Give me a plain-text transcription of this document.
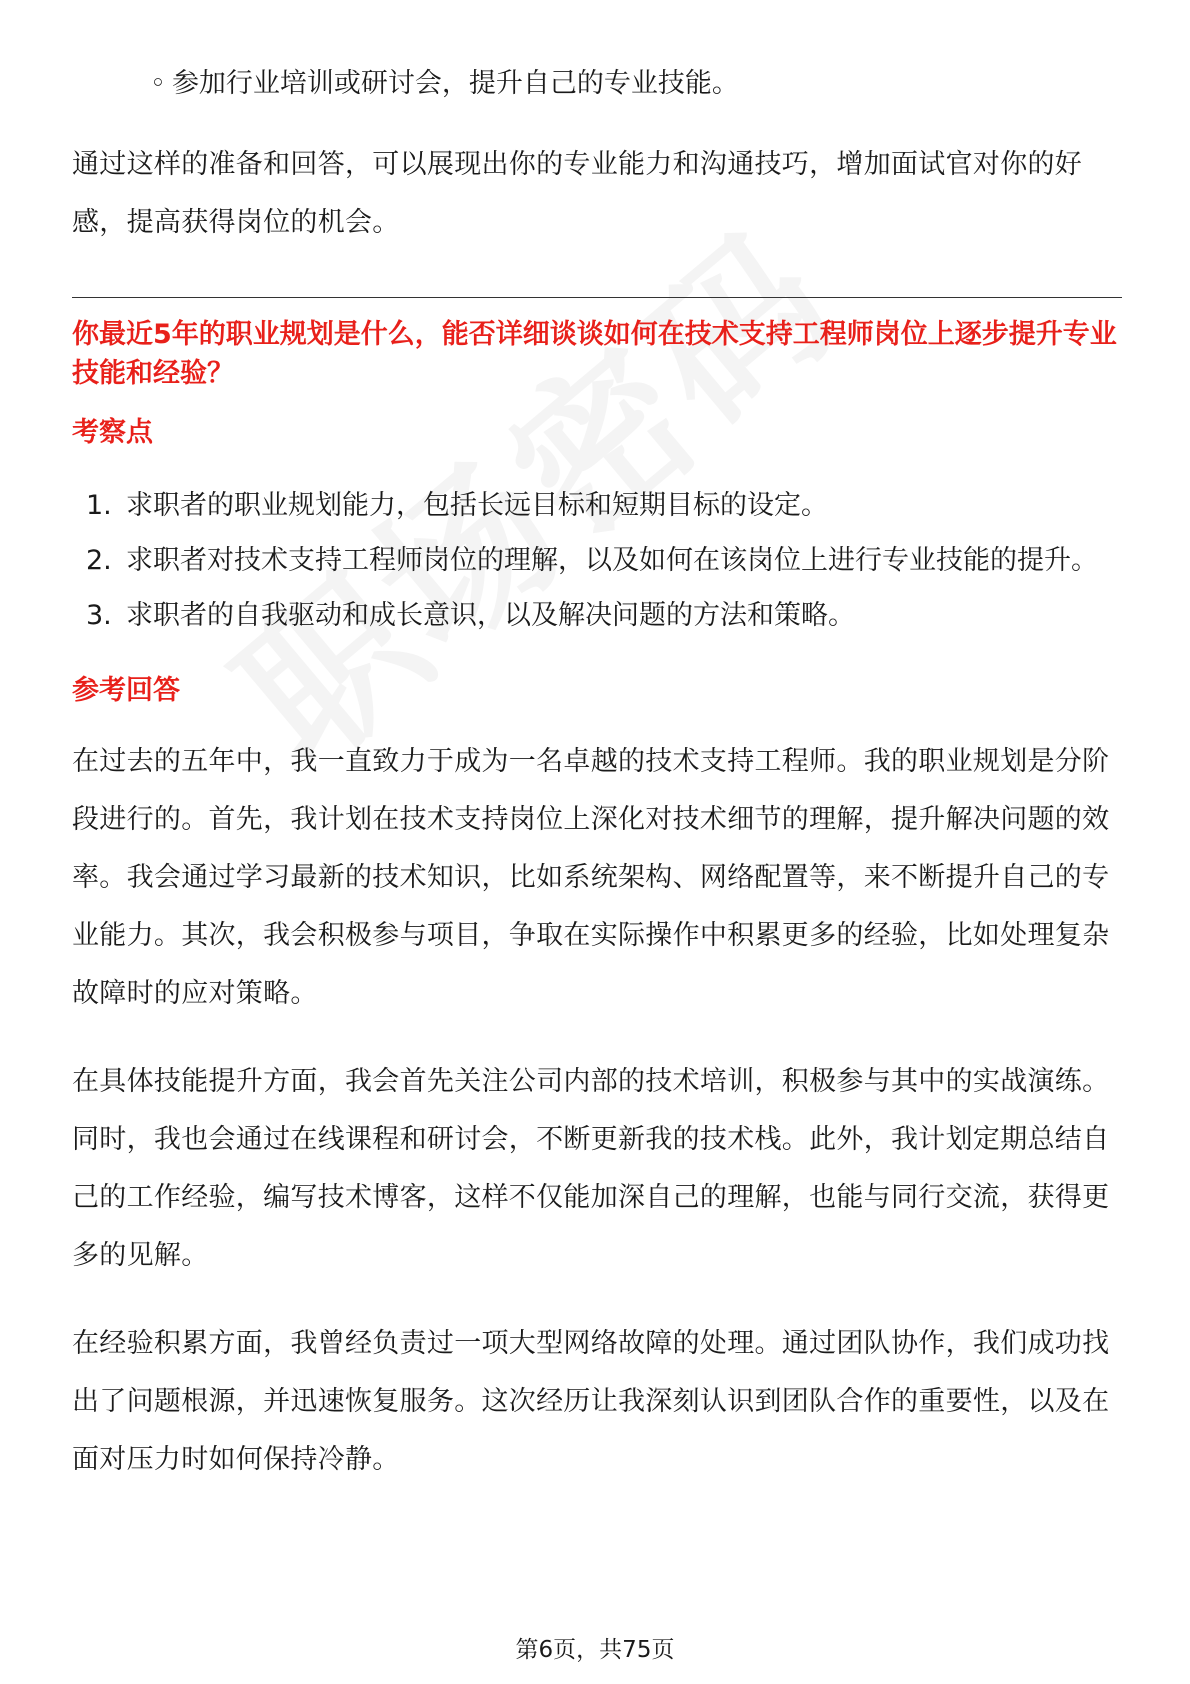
◦ 参加行业培训或研讨会，提升自己的专业技能。

通过这样的准备和回答，可以展现出你的专业能力和沟通技巧，增加面试官对你的好感，提高获得岗位的机会。

你最近5年的职业规划是什么，能否详细谈谈如何在技术支持工程师岗位上逐步提升专业技能和经验？
考察点
1. 求职者的职业规划能力，包括长远目标和短期目标的设定。
2. 求职者对技术支持工程师岗位的理解，以及如何在该岗位上进行专业技能的提升。
3. 求职者的自我驱动和成长意识，以及解决问题的方法和策略。
参考回答

在过去的五年中，我一直致力于成为一名卓越的技术支持工程师。我的职业规划是分阶段进行的。首先，我计划在技术支持岗位上深化对技术细节的理解，提升解决问题的效率。我会通过学习最新的技术知识，比如系统架构、网络配置等，来不断提升自己的专业能力。其次，我会积极参与项目，争取在实际操作中积累更多的经验，比如处理复杂故障时的应对策略。

在具体技能提升方面，我会首先关注公司内部的技术培训，积极参与其中的实战演练。同时，我也会通过在线课程和研讨会，不断更新我的技术栈。此外，我计划定期总结自己的工作经验，编写技术博客，这样不仅能加深自己的理解，也能与同行交流，获得更多的见解。

在经验积累方面，我曾经负责过一项大型网络故障的处理。通过团队协作，我们成功找出了问题根源，并迅速恢复服务。这次经历让我深刻认识到团队合作的重要性，以及在面对压力时如何保持冷静。

第6页，共75页
